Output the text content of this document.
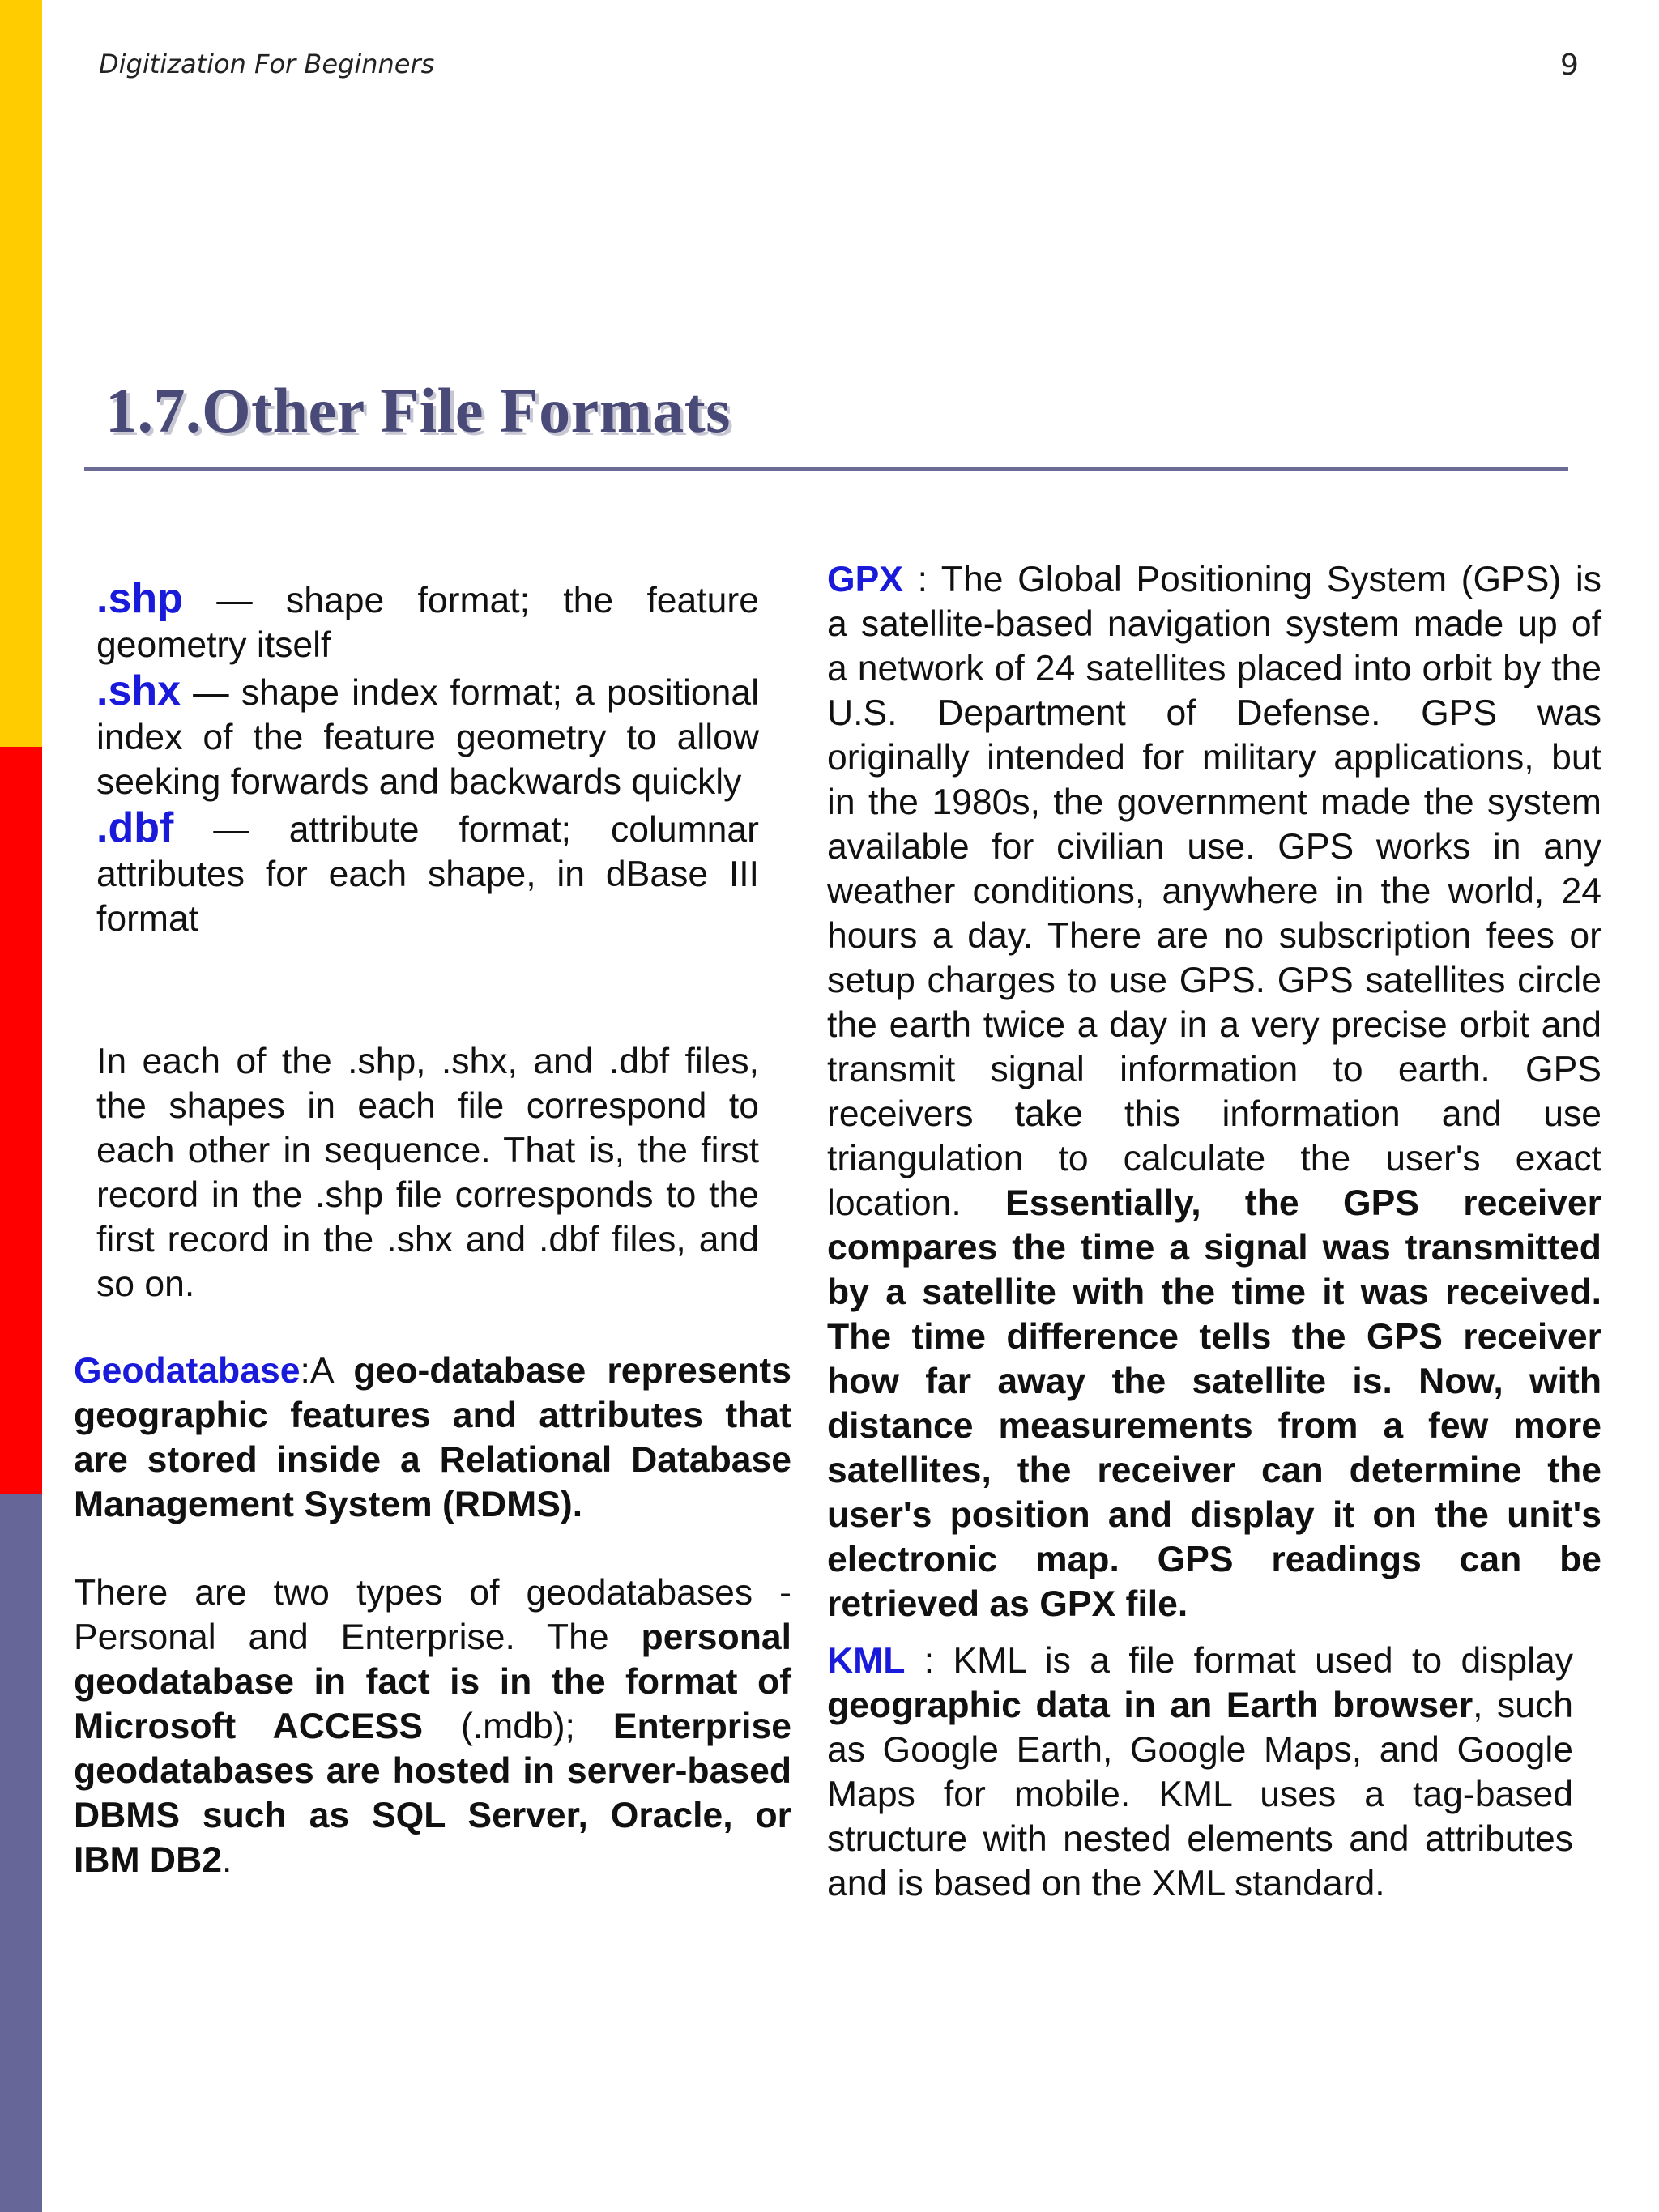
Digitization For Beginners	9
1.7.Other File Formats

.shp — shape format; the feature geometry itself

.shx — shape index format; a positional index of the feature geometry to allow seeking forwards and backwards quickly

.dbf — attribute format; columnar attributes for each shape, in dBase III format

In each of the .shp, .shx, and .dbf files, the shapes in each file correspond to each other in sequence. That is, the first record in the .shp file corresponds to the first record in the .shx and .dbf files, and so on.

Geodatabase:A geo-database represents geographic features and attributes that are stored inside a Relational Database Management System (RDMS).

There are two types of geodatabases - Personal and Enterprise. The personal geodatabase in fact is in the format of Microsoft ACCESS (.mdb); Enterprise geodatabases are hosted in server-based DBMS such as SQL Server, Oracle, or IBM DB2.

GPX : The Global Positioning System (GPS) is a satellite-based navigation system made up of a network of 24 satellites placed into orbit by the U.S. Department of Defense. GPS was originally intended for military applications, but in the 1980s, the government made the system available for civilian use. GPS works in any weather conditions, anywhere in the world, 24 hours a day. There are no subscription fees or setup charges to use GPS. GPS satellites circle the earth twice a day in a very precise orbit and transmit signal information to earth. GPS receivers take this information and use triangulation to calculate the user's exact location. Essentially, the GPS receiver compares the time a signal was transmitted by a satellite with the time it was received. The time difference tells the GPS receiver how far away the satellite is. Now, with distance measurements from a few more satellites, the receiver can determine the user's position and display it on the unit's electronic map. GPS readings can be retrieved as GPX file.

KML : KML is a file format used to display geographic data in an Earth browser, such as Google Earth, Google Maps, and Google Maps for mobile. KML uses a tag-based structure with nested elements and attributes and is based on the XML standard.
